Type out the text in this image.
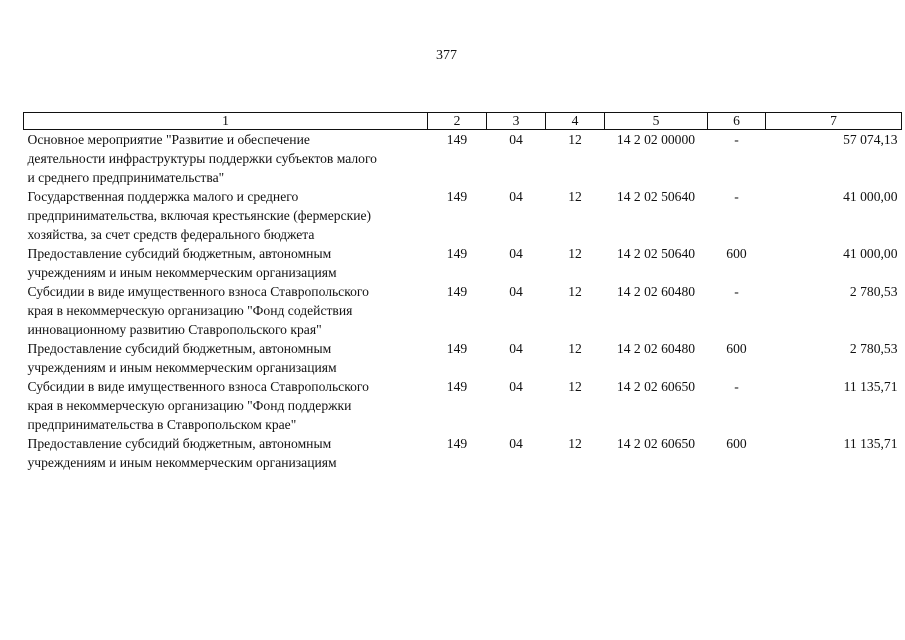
377
1	2	3	4	5	6	7

Основное мероприятие "Развитие и обеспечение
деятельности инфраструктуры поддержки субъектов малого
и среднего предпринимательства"	149	04	12	14 2 02 00000	-	57 074,13

Государственная поддержка малого и среднего
предпринимательства, включая крестьянские (фермерские)
хозяйства, за счет средств федерального бюджета	149	04	12	14 2 02 50640	-	41 000,00

Предоставление субсидий бюджетным, автономным
учреждениям и иным некоммерческим организациям	149	04	12	14 2 02 50640	600	41 000,00

Субсидии в виде имущественного взноса Ставропольского
края в некоммерческую организацию "Фонд содействия
инновационному развитию Ставропольского края"	149	04	12	14 2 02 60480	-	2 780,53

Предоставление субсидий бюджетным, автономным
учреждениям и иным некоммерческим организациям	149	04	12	14 2 02 60480	600	2 780,53

Субсидии в виде имущественного взноса Ставропольского
края в некоммерческую организацию "Фонд поддержки
предпринимательства в Ставропольском крае"	149	04	12	14 2 02 60650	-	11 135,71

Предоставление субсидий бюджетным, автономным
учреждениям и иным некоммерческим организациям	149	04	12	14 2 02 60650	600	11 135,71
